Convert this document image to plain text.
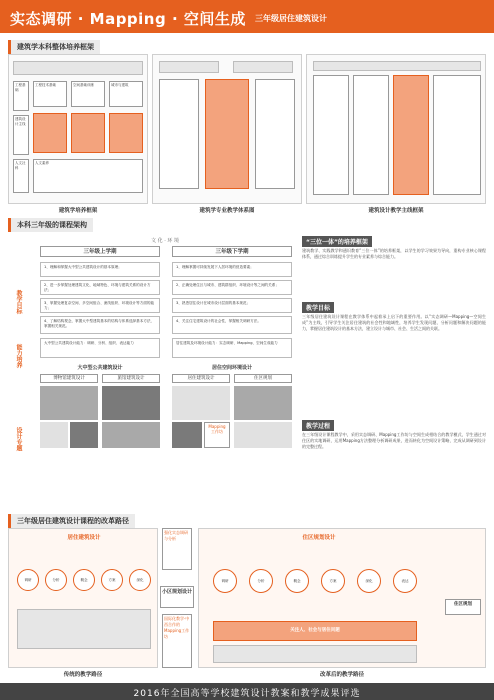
实态调研 · Mapping · 空间生成 三年级居住建筑设计
建筑学本科整体培养框架
工程基础
建筑设计主线
人文社科
工程技术基础	空间基础训练	城市与建筑
人文素养
建筑学培养框架	建筑学专业教学体系图	建筑设计教学主线框架
本科三年级的课程架构
文 化 · 环 境
三年级上学期	三年级下学期
教学目标
能力培养
设计专题
1、理解和掌握大中型公共建筑设计的基本原理；
2、进一步掌握处理建筑文化、地域特色、环境与建筑关系的设计方法；
3、掌握处理复杂空间、多空间组合、流线组织、环境设计等方面的能力；
4、了解结构观念，掌握大中型建筑基本的结构与体系选择基本方法，掌握相关规范。
1、理解掌握可持续发展下人居环境的营造要素；
2、正确处理住区与城市、建筑群组织、环境设计等之间的关系；
3、熟悉居住设计在城市设计层面的基本规范；
4、关注住宅建筑设计的社会性，掌握相关调研方法。
大中型公共建筑设计能力：调研、分析、组织、表达能力	居住建筑及环境设计能力：实态调研、Mapping、空间生成能力
大中型公共建筑设计	居住空间环境设计
博物馆建筑设计	旅馆建筑设计	居住建筑设计	住区规划
Mapping 工作坊
“三位一体”的培养框架
建筑教学、实践教学和通识教育“三位一体”的培养框架，以学生的学习效果为导向，重构专业核心课程体系，通过综合训练提升学生的专业素养与综合能力。
教学目标
三年级居住建筑设计课程在教学体系中起着承上启下的重要作用。以“实态调研—Mapping—空间生成”为主线，引导学生关注居住建筑的社会性和地域性，培养学生发现问题、分析问题和解决问题的能力，掌握居住建筑设计的基本方法，建立设计与城市、社会、生活之间的关联。
教学过程
在三年级设计课程教学中，采用实态调研、Mapping工作坊与空间生成相结合的教学模式，学生通过对住区的实地调研，运用Mapping方法整理分析调研成果，进而转化为空间设计策略，完成从调研到设计的完整过程。
三年级居住建筑设计课程的改革路径
居住建筑设计
调研	分析	概念	方案	深化
传统的教学路径
强化实态调研与分析
小区规划设计
国际化教学·中西合作的Mapping工作坊
住区规划设计
调研	分析	概念	方案	深化	表达
住区规划
关注人、社会与居住问题
改革后的教学路径
2016年全国高等学校建筑设计教案和教学成果评选
